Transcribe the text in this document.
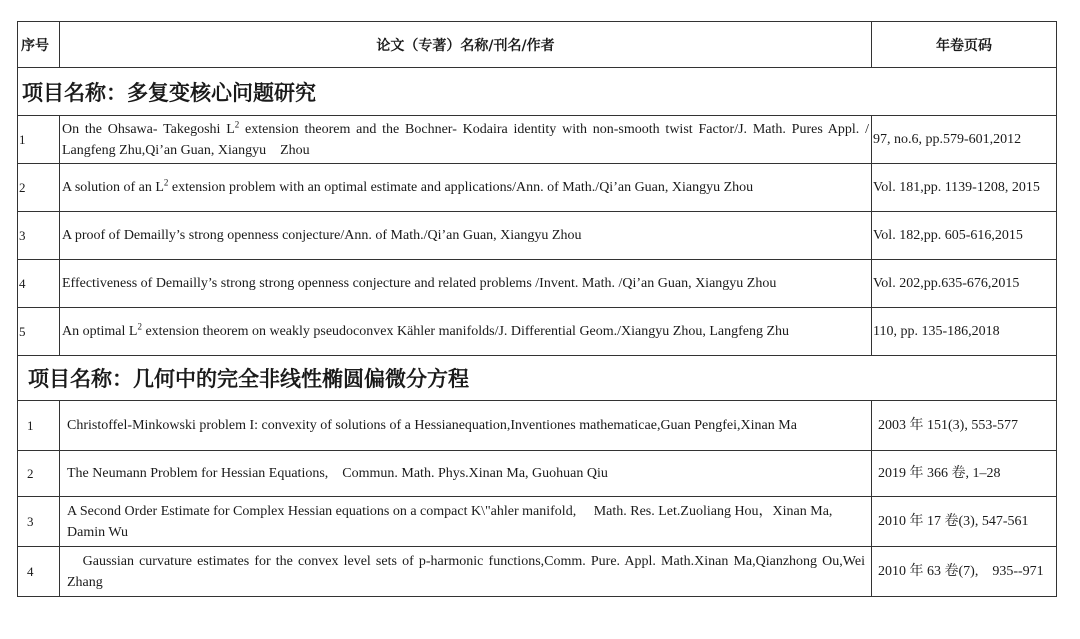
序号	论文（专著）名称/刊名/作者	年卷页码
项目名称：多复变核心问题研究		
1	On the Ohsawa- Takegoshi $L^2$ extension theorem and the Bochner- Kodaira identity with non-smooth twist Factor/J. Math. Pures Appl. / Langfeng Zhu,Qi’an Guan, Xiangyu　Zhou	97, no.6, pp.579-601,2012
2	A solution of an $L^2$ extension problem with an optimal estimate and applications/Ann. of Math./Qi’an Guan, Xiangyu Zhou	Vol. 181,pp. 1139-1208, 2015
3	A proof of Demailly’s strong openness conjecture/Ann. of Math./Qi’an Guan, Xiangyu Zhou	Vol. 182,pp. 605-616,2015
4	Effectiveness of Demailly’s strong strong openness conjecture and related problems /Invent. Math. /Qi’an Guan, Xiangyu Zhou	Vol. 202,pp.635-676,2015
5	An optimal $L^2$ extension theorem on weakly pseudoconvex Kähler manifolds/J. Differential Geom./Xiangyu Zhou, Langfeng Zhu	110, pp. 135-186,2018
项目名称：几何中的完全非线性椭圆偏微分方程		
1	Christoffel-Minkowski problem I: convexity of solutions of a Hessianequation,Inventiones mathematicae,Guan Pengfei,Xinan Ma	2003 年 151(3), 553-577
2	The Neumann Problem for Hessian Equations,　Commun. Math. Phys.Xinan Ma, Guohuan Qiu	2019 年 366 卷, 1–28
3	A Second Order Estimate for Complex Hessian equations on a compact K\"ahler manifold,　 Math. Res. Let.Zuoliang Hou，Xinan Ma,　Damin Wu	2010 年 17 卷(3), 547-561
4	　Gaussian curvature estimates for the convex level sets of p-harmonic functions,Comm. Pure. Appl. Math.Xinan Ma,Qianzhong Ou,Wei Zhang	2010 年 63 卷(7),　935--971
